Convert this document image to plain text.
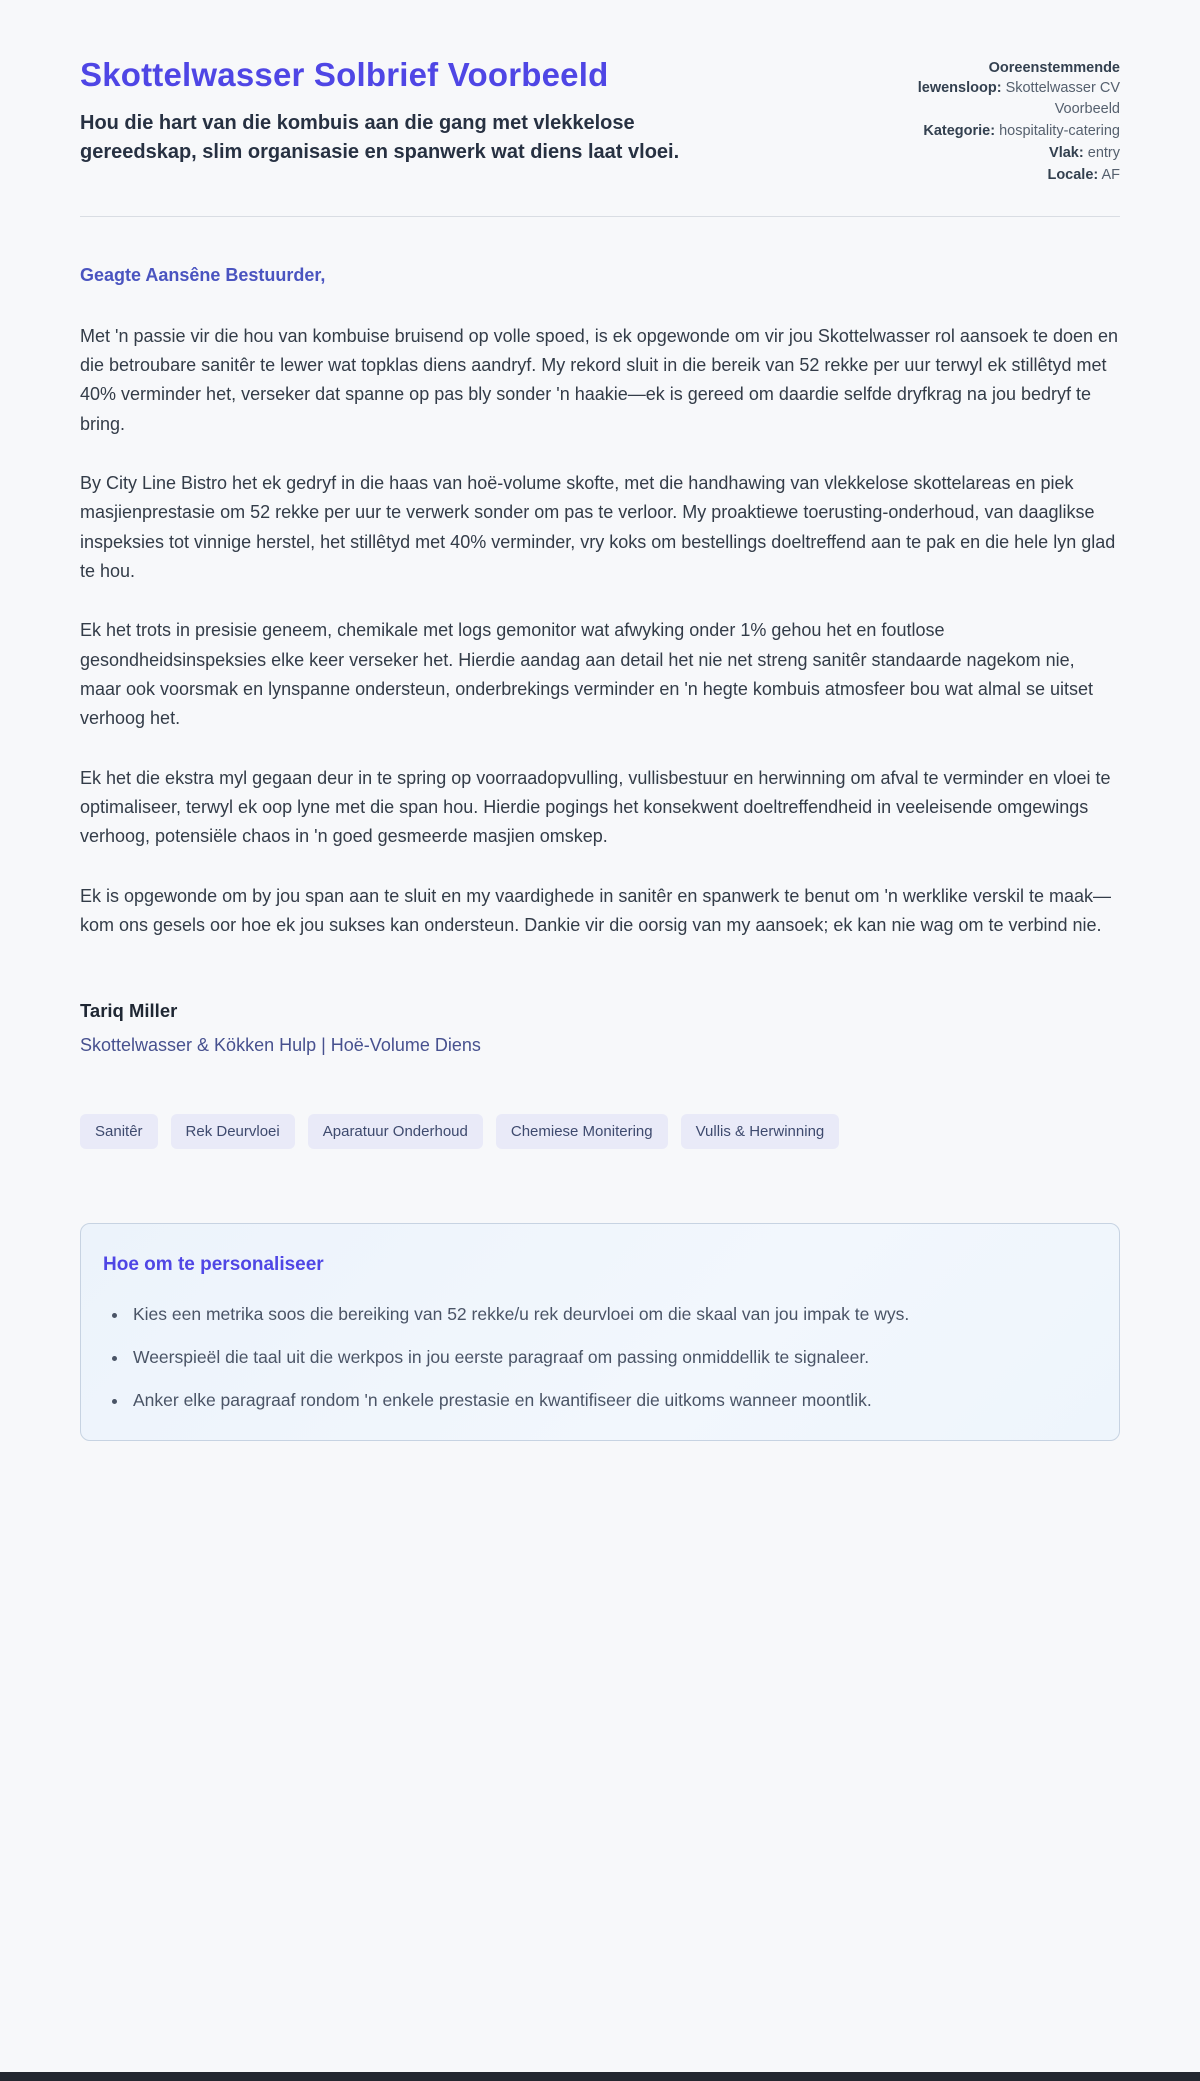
Skottelwasser Solbrief Voorbeeld

Hou die hart van die kombuis aan die gang met vlekkelose gereedskap, slim organisasie en spanwerk wat diens laat vloei.

Ooreenstemmende lewensloop: Skottelwasser CV Voorbeeld
Kategorie: hospitality-catering
Vlak: entry
Locale: AF

Geagte Aansêne Bestuurder,

Met 'n passie vir die hou van kombuise bruisend op volle spoed, is ek opgewonde om vir jou Skottelwasser rol aansoek te doen en die betroubare sanitêr te lewer wat topklas diens aandryf. My rekord sluit in die bereik van 52 rekke per uur terwyl ek stillêtyd met 40% verminder het, verseker dat spanne op pas bly sonder 'n haakie—ek is gereed om daardie selfde dryfkrag na jou bedryf te bring.

By City Line Bistro het ek gedryf in die haas van hoë-volume skofte, met die handhawing van vlekkelose skottelareas en piek masjienprestasie om 52 rekke per uur te verwerk sonder om pas te verloor. My proaktiewe toerusting-onderhoud, van daaglikse inspeksies tot vinnige herstel, het stillêtyd met 40% verminder, vry koks om bestellings doeltreffend aan te pak en die hele lyn glad te hou.

Ek het trots in presisie geneem, chemikale met logs gemonitor wat afwyking onder 1% gehou het en foutlose gesondheidsinspeksies elke keer verseker het. Hierdie aandag aan detail het nie net streng sanitêr standaarde nagekom nie, maar ook voorsmak en lynspanne ondersteun, onderbrekings verminder en 'n hegte kombuis atmosfeer bou wat almal se uitset verhoog het.

Ek het die ekstra myl gegaan deur in te spring op voorraadopvulling, vullisbestuur en herwinning om afval te verminder en vloei te optimaliseer, terwyl ek oop lyne met die span hou. Hierdie pogings het konsekwent doeltreffendheid in veeleisende omgewings verhoog, potensiële chaos in 'n goed gesmeerde masjien omskep.

Ek is opgewonde om by jou span aan te sluit en my vaardighede in sanitêr en spanwerk te benut om 'n werklike verskil te maak—kom ons gesels oor hoe ek jou sukses kan ondersteun. Dankie vir die oorsig van my aansoek; ek kan nie wag om te verbind nie.

Tariq Miller

Skottelwasser & Kökken Hulp | Hoë-Volume Diens

Sanitêr	Rek Deurvloei	Aparatuur Onderhoud	Chemiese Monitering	Vullis & Herwinning
Hoe om te personaliseer
• Kies een metrika soos die bereiking van 52 rekke/u rek deurvloei om die skaal van jou impak te wys.
• Weerspieël die taal uit die werkpos in jou eerste paragraaf om passing onmiddellik te signaleer.
• Anker elke paragraaf rondom 'n enkele prestasie en kwantifiseer die uitkoms wanneer moontlik.
